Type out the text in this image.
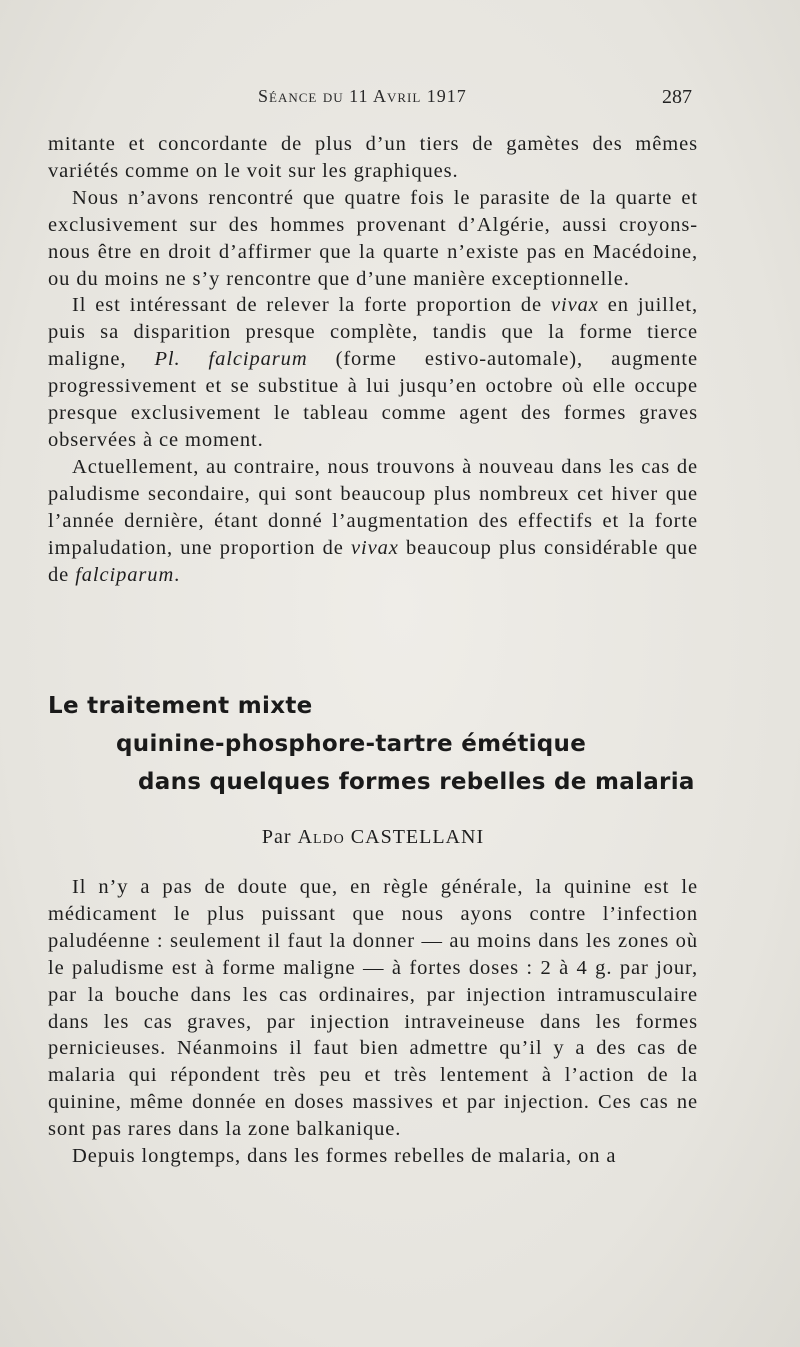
Séance du 11 Avril 1917	287

mitante et concordante de plus d’un tiers de gamètes des mêmes variétés comme on le voit sur les graphiques.

Nous n’avons rencontré que quatre fois le parasite de la quarte et exclusivement sur des hommes provenant d’Algérie, aussi croyons-nous être en droit d’affirmer que la quarte n’existe pas en Macédoine, ou du moins ne s’y rencontre que d’une manière exceptionnelle.

Il est intéressant de relever la forte proportion de vivax en juillet, puis sa disparition presque complète, tandis que la forme tierce maligne, Pl. falciparum (forme estivo-automale), augmente progressivement et se substitue à lui jusqu’en octobre où elle occupe presque exclusivement le tableau comme agent des formes graves observées à ce moment.

Actuellement, au contraire, nous trouvons à nouveau dans les cas de paludisme secondaire, qui sont beaucoup plus nombreux cet hiver que l’année dernière, étant donné l’augmentation des effectifs et la forte impaludation, une proportion de vivax beaucoup plus considérable que de falciparum.

Le traitement mixte
quinine-phosphore-tartre émétique
dans quelques formes rebelles de malaria
Par Aldo CASTELLANI

Il n’y a pas de doute que, en règle générale, la quinine est le médicament le plus puissant que nous ayons contre l’infection paludéenne : seulement il faut la donner — au moins dans les zones où le paludisme est à forme maligne — à fortes doses : 2 à 4 g. par jour, par la bouche dans les cas ordinaires, par injection intramusculaire dans les cas graves, par injection intraveineuse dans les formes pernicieuses. Néanmoins il faut bien admettre qu’il y a des cas de malaria qui répondent très peu et très lentement à l’action de la quinine, même donnée en doses massives et par injection. Ces cas ne sont pas rares dans la zone balkanique.

Depuis longtemps, dans les formes rebelles de malaria, on a
